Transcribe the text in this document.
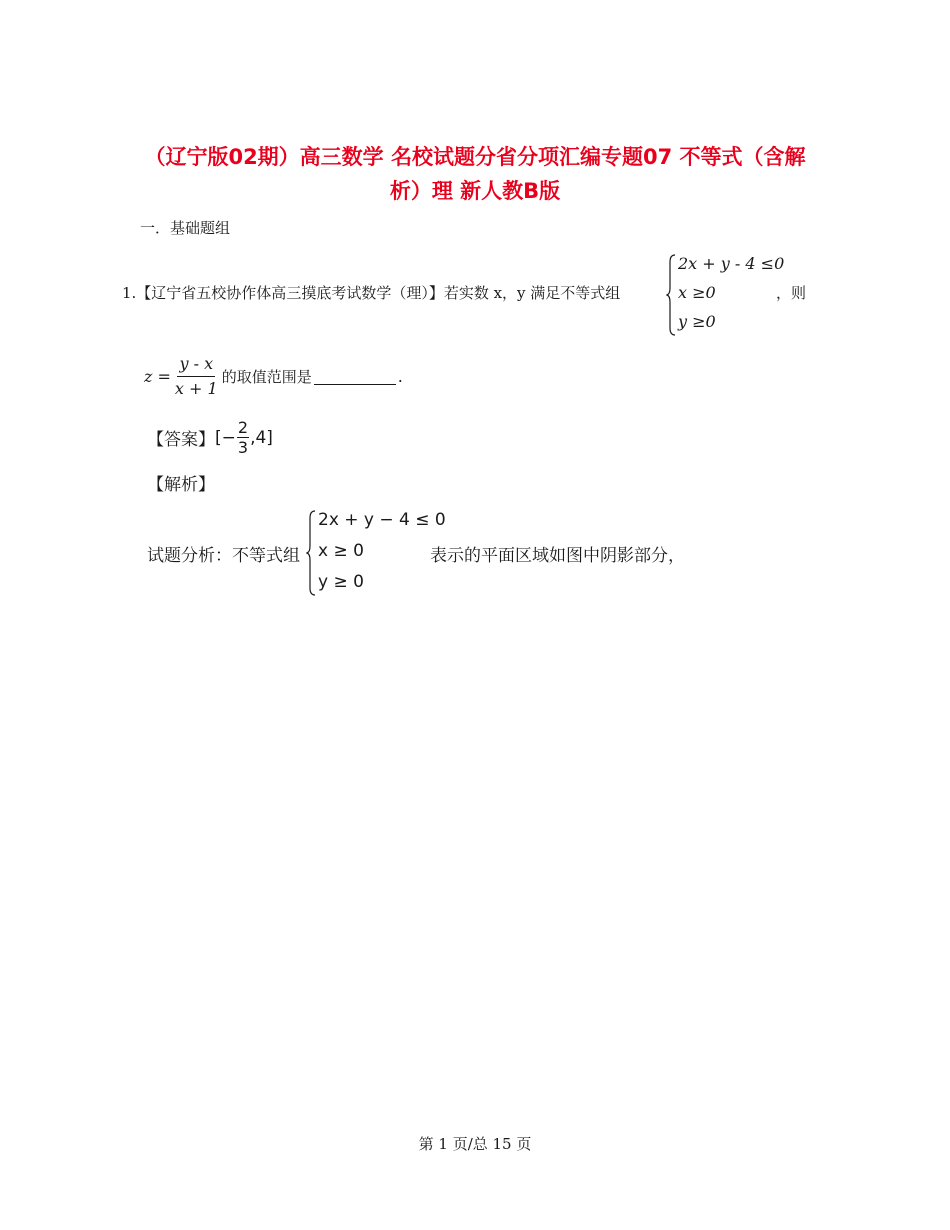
（辽宁版02期）高三数学 名校试题分省分项汇编专题07 不等式（含解
析）理 新人教B版
一．基础题组
1.【辽宁省五校协作体高三摸底考试数学（理）】若实数 x，y 满足不等式组
2x + y - 4 ≤0
x ≥0
y ≥0
，则
$z = \frac{y - x}{x + 1}$ 的取值范围是	.
【答案】 [− $\frac{2}{3} ,4$]
【解析】
试题分析：不等式组
2x + y − 4 ≤ 0
x ≥ 0
y ≥ 0
表示的平面区域如图中阴影部分，
第 1 页/总 15 页
